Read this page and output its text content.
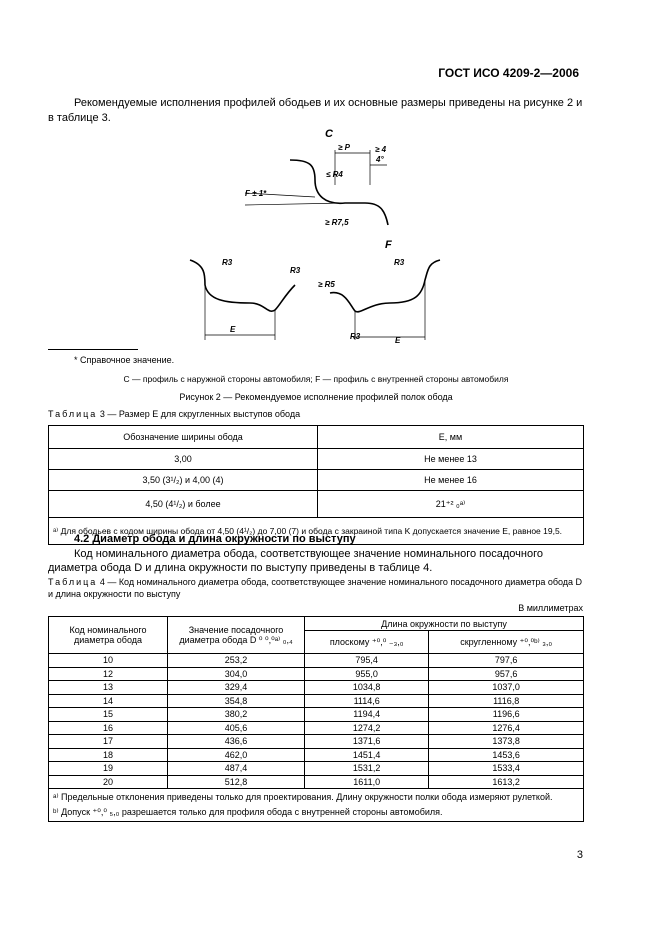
ГОСТ ИСО 4209-2—2006
Рекомендуемые исполнения профилей ободьев и их основные размеры приведены на рисунке 2 и в таблице 3.
C
F
≥ P	≥ 4
4°
≤ R4
F ± 1*
≥ R7,5
R3
R3
≥ R5
R3
R3
E
E
* Справочное значение.
C — профиль с наружной стороны автомобиля; F — профиль с внутренней стороны автомобиля
Рисунок 2 — Рекомендуемое исполнение профилей полок обода
Таблица 3 — Размер E для скругленных выступов обода
Обозначение ширины обода	E, мм
3,00	Не менее 13
3,50 (3¹/₂) и 4,00 (4)	Не менее 16
4,50 (4¹/₂) и более	21⁺² ₀ᵃ⁾
ᵃ⁾ Для ободьев с кодом ширины обода от 4,50 (4¹/₂) до 7,00 (7) и обода с закраиной типа K допускается значение E, равное 19,5.	
4.2 Диаметр обода и длина окружности по выступу
Код номинального диаметра обода, соответствующее значение номинального посадочного диаметра обода D и длина окружности по выступу приведены в таблице 4.
Таблица 4 — Код номинального диаметра обода, соответствующее значение номинального посадочного диаметра обода D и длина окружности по выступу
В миллиметрах
Код номинального диаметра обода	Значение посадочного диаметра обода D ⁰ ⁰,⁰ᵃ⁾ ₀,₄	Длина окружности по выступу	
		плоскому ⁺⁰,⁰ ₋₃,₀	скругленному ⁺⁰,⁰ᵇ⁾ ₃,₀
10	253,2	795,4	797,6
12	304,0	955,0	957,6
13	329,4	1034,8	1037,0
14	354,8	1114,6	1116,8
15	380,2	1194,4	1196,6
16	405,6	1274,2	1276,4
17	436,6	1371,6	1373,8
18	462,0	1451,4	1453,6
19	487,4	1531,2	1533,4
20	512,8	1611,0	1613,2

ᵃ⁾ Предельные отклонения приведены только для проектирования. Длину окружности полки обода измеряют рулеткой.
ᵇ⁾ Допуск ⁺⁰,⁰ ₅,₀ разрешается только для профиля обода с внутренней стороны автомобиля.			
3
